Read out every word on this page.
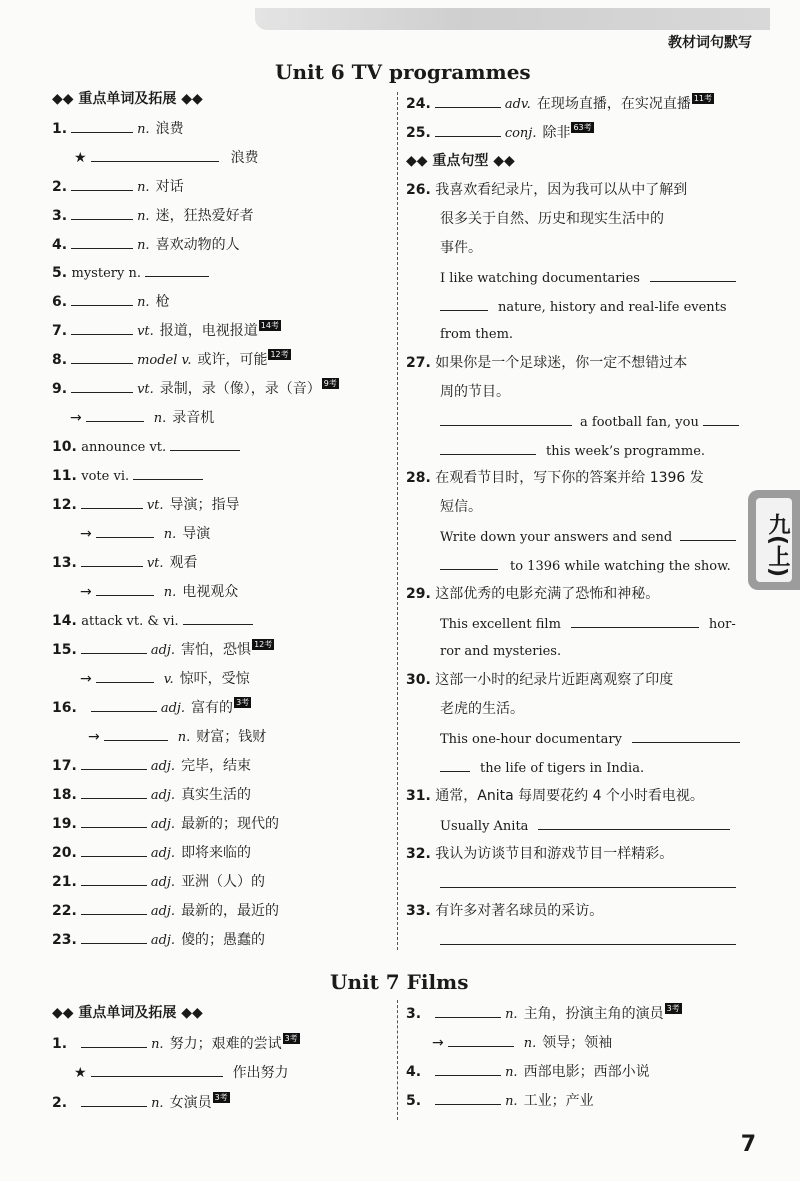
教材词句默写
Unit 6 TV programmes
◆◆ 重点单词及拓展 ◆◆
1.	n. 浪费
★	浪费
2.	n. 对话
3.	n. 迷，狂热爱好者
4.	n. 喜欢动物的人
5. mystery n.
6.	n. 枪
7.	vt. 报道，电视报道 14考
8.	model v. 或许，可能 12考
9.	vt. 录制，录（像），录（音） 9考
→	n. 录音机
10. announce vt.
11. vote vi.
12.	vt. 导演；指导
→	n. 导演
13.	vt. 观看
→	n. 电视观众
14. attack vt. & vi.
15.	adj. 害怕，恐惧 12考
→	v. 惊吓，受惊
16.	adj. 富有的 3考
→	n. 财富；钱财
17.	adj. 完毕，结束
18.	adj. 真实生活的
19.	adj. 最新的；现代的
20.	adj. 即将来临的
21.	adj. 亚洲（人）的
22.	adj. 最新的，最近的
23.	adj. 傻的；愚蠢的
24.	adv. 在现场直播，在实况直播 11考
25.	conj. 除非 63考
◆◆ 重点句型 ◆◆
26. 我喜欢看纪录片，因为我可以从中了解到
很多关于自然、历史和现实生活中的
事件。
I like watching documentaries
nature, history and real-life events
from them.
27. 如果你是一个足球迷，你一定不想错过本
周的节目。
a football fan, you
this week’s programme.
28. 在观看节目时，写下你的答案并给 1396 发
短信。
Write down your answers and send
to 1396 while watching the show.
29. 这部优秀的电影充满了恐怖和神秘。
This excellent film	hor-
ror and mysteries.
30. 这部一小时的纪录片近距离观察了印度
老虎的生活。
This one-hour documentary
the life of tigers in India.
31. 通常，Anita 每周要花约 4 个小时看电视。
Usually Anita
32. 我认为访谈节目和游戏节目一样精彩。
33. 有许多对著名球员的采访。
Unit 7 Films
◆◆ 重点单词及拓展 ◆◆
1.	n. 努力；艰难的尝试 3考
★	作出努力
2.	n. 女演员 3考
3.	n. 主角，扮演主角的演员 3考
→	n. 领导；领袖
4.	n. 西部电影；西部小说
5.	n. 工业；产业
九(上)
7
